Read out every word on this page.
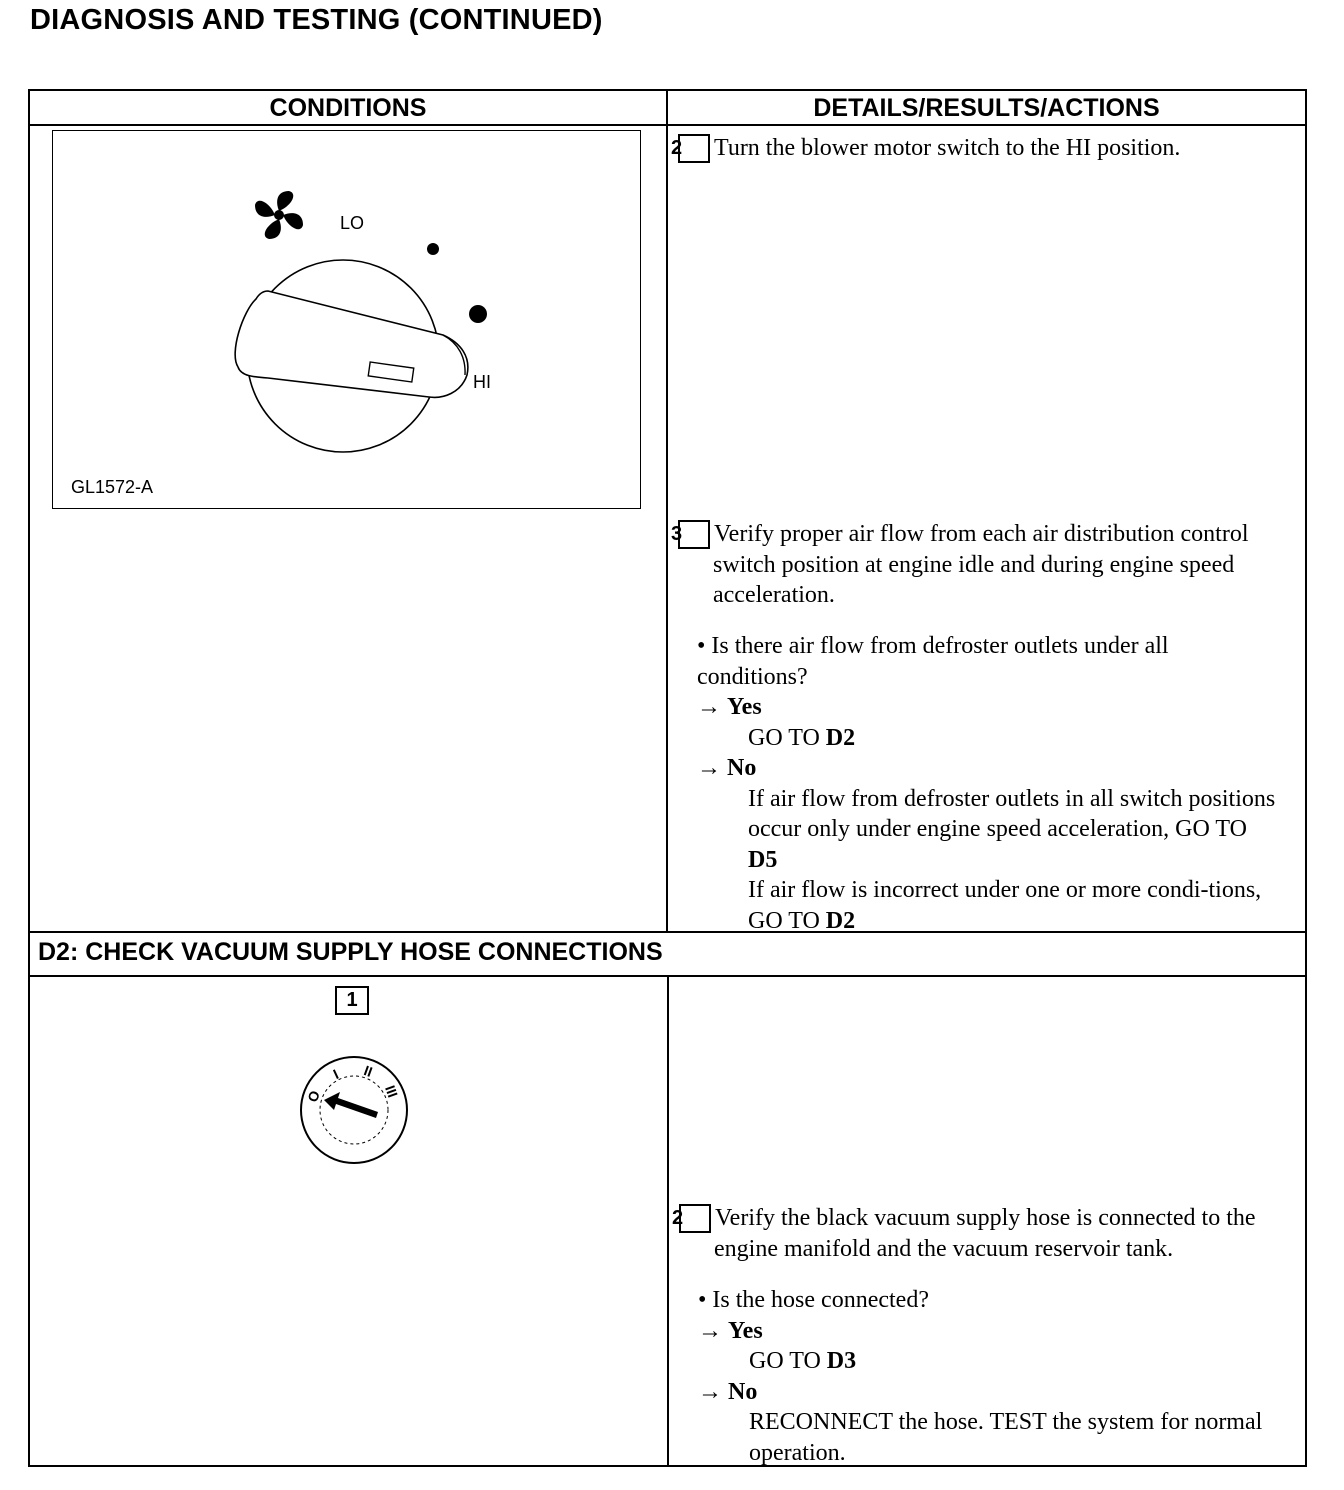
DIAGNOSIS AND TESTING (CONTINUED)
CONDITIONS	DETAILS/RESULTS/ACTIONS
LO
HI
GL1572-A
2 Turn the blower motor switch to the HI position.
3 Verify proper air flow from each air distribution control switch position at engine idle and during engine speed acceleration.

• Is there air flow from defroster outlets under all conditions?

→ Yes

GO TO D2

→ No

If air flow from defroster outlets in all switch positions occur only under engine speed acceleration, GO TO D5

If air flow is incorrect under one or more condi-tions, GO TO D2

D2: CHECK VACUUM SUPPLY HOSE CONNECTIONS
1
O
I II
III
2 Verify the black vacuum supply hose is connected to the engine manifold and the vacuum reservoir tank.

• Is the hose connected?

→ Yes

GO TO D3

→ No

RECONNECT the hose. TEST the system for normal operation.
